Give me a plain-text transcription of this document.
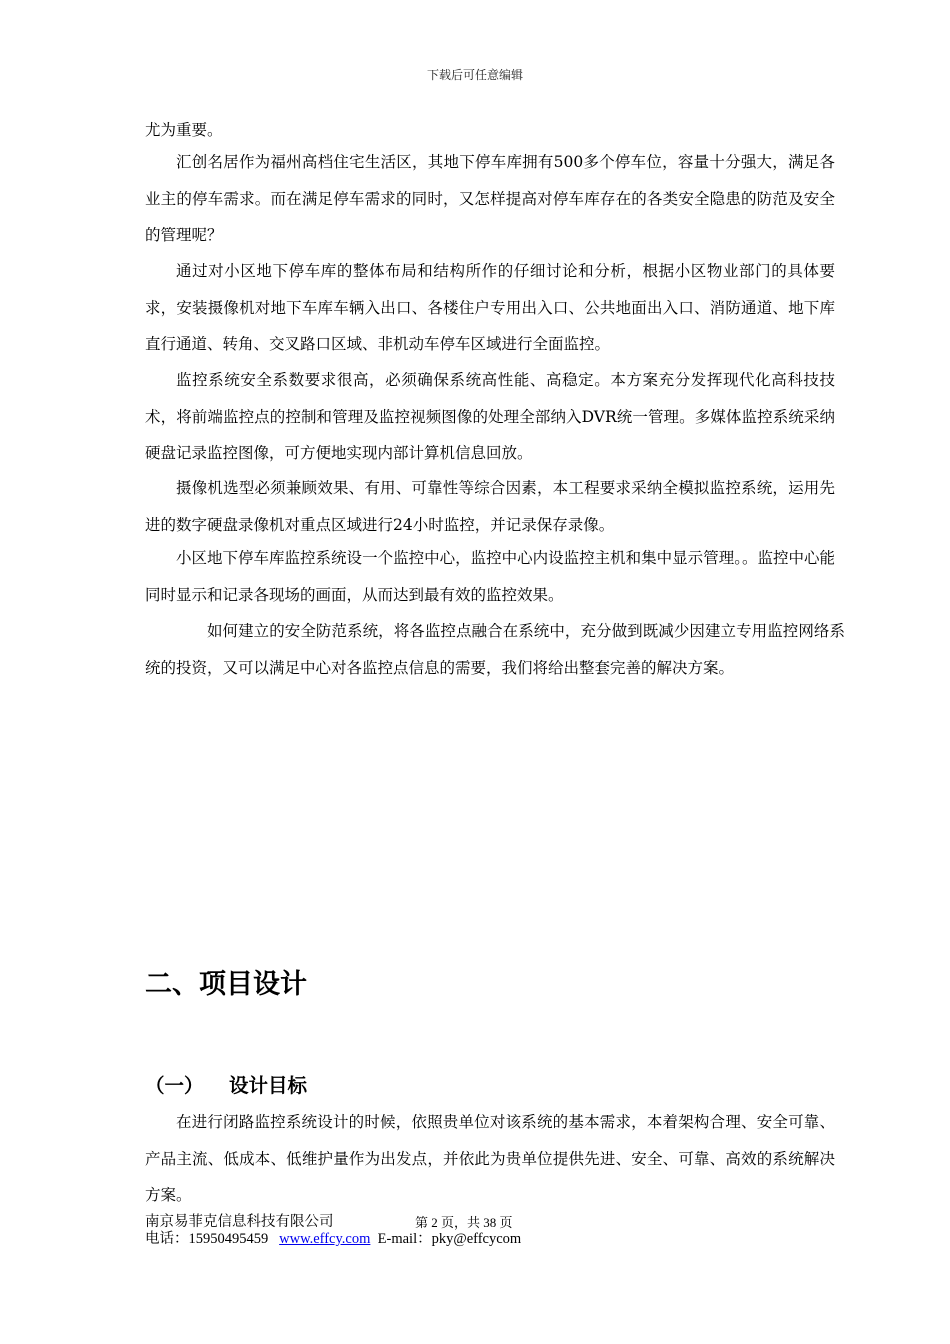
下载后可任意编辑

尤为重要。

汇创名居作为福州高档住宅生活区，其地下停车库拥有500多个停车位，容量十分强大，满足各业主的停车需求。而在满足停车需求的同时，又怎样提高对停车库存在的各类安全隐患的防范及安全的管理呢？

通过对小区地下停车库的整体布局和结构所作的仔细讨论和分析，根据小区物业部门的具体要求，安装摄像机对地下车库车辆入出口、各楼住户专用出入口、公共地面出入口、消防通道、地下库直行通道、转角、交叉路口区域、非机动车停车区域进行全面监控。

监控系统安全系数要求很高，必须确保系统高性能、高稳定。本方案充分发挥现代化高科技技术，将前端监控点的控制和管理及监控视频图像的处理全部纳入DVR统一管理。多媒体监控系统采纳硬盘记录监控图像，可方便地实现内部计算机信息回放。

摄像机选型必须兼顾效果、有用、可靠性等综合因素，本工程要求采纳全模拟监控系统，运用先进的数字硬盘录像机对重点区域进行24小时监控，并记录保存录像。

小区地下停车库监控系统设一个监控中心，监控中心内设监控主机和集中显示管理。。监控中心能同时显示和记录各现场的画面，从而达到最有效的监控效果。

如何建立的安全防范系统，将各监控点融合在系统中，充分做到既减少因建立专用监控网络系统的投资，又可以满足中心对各监控点信息的需要，我们将给出整套完善的解决方案。

二、项目设计
（一） 设计目标

在进行闭路监控系统设计的时候，依照贵单位对该系统的基本需求，本着架构合理、安全可靠、产品主流、低成本、低维护量作为出发点，并依此为贵单位提供先进、安全、可靠、高效的系统解决方案。

南京易菲克信息科技有限公司	第 2 页，共 38 页
电话：15950495459 www.effcy.com E-mail：pky@effcycom
